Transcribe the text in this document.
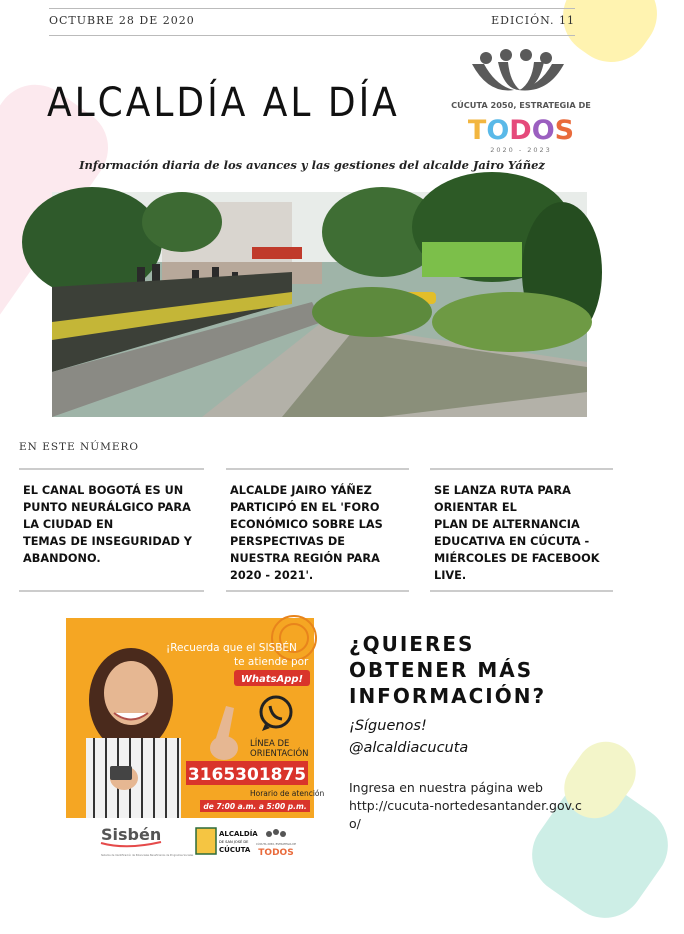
OCTUBRE 28 DE 2020	EDICIÓN. 11
ALCALDÍA AL DÍA	CÚCUTA 2050, ESTRATEGIA DE
TODOS
2020 - 2023
Información diaria de los avances y las gestiones del alcalde Jairo Yáñez
EN ESTE NÚMERO
EL CANAL BOGOTÁ ES UN
PUNTO NEURÁLGICO PARA
LA CIUDAD EN
TEMAS DE INSEGURIDAD Y
ABANDONO.
ALCALDE JAIRO YÁÑEZ
PARTICIPÓ EN EL 'FORO
ECONÓMICO SOBRE LAS
PERSPECTIVAS DE
NUESTRA REGIÓN PARA
2020 - 2021'.
SE LANZA RUTA PARA
ORIENTAR EL
PLAN DE ALTERNANCIA
EDUCATIVA EN CÚCUTA -
MIÉRCOLES DE FACEBOOK
LIVE.
¡Recuerda que el SISBÉN
te atiende por
WhatsApp!
LÍNEA DE
ORIENTACIÓN
3165301875
Horario de atención
de 7:00 a.m. a 5:00 p.m.
Sisbén
Sistema de Identificación de Potenciales Beneficiarios de Programas Sociales
ALCALDÍA
DE SAN JOSÉ DE
CÚCUTA
CÚCUTA 2050, ESTRATEGIA DE
TODOS
¿QUIERES OBTENER MÁS INFORMACIÓN?
¡Síguenos!
@alcaldiacucuta
Ingresa en nuestra página web
http://cucuta-nortedesantander.gov.co/
